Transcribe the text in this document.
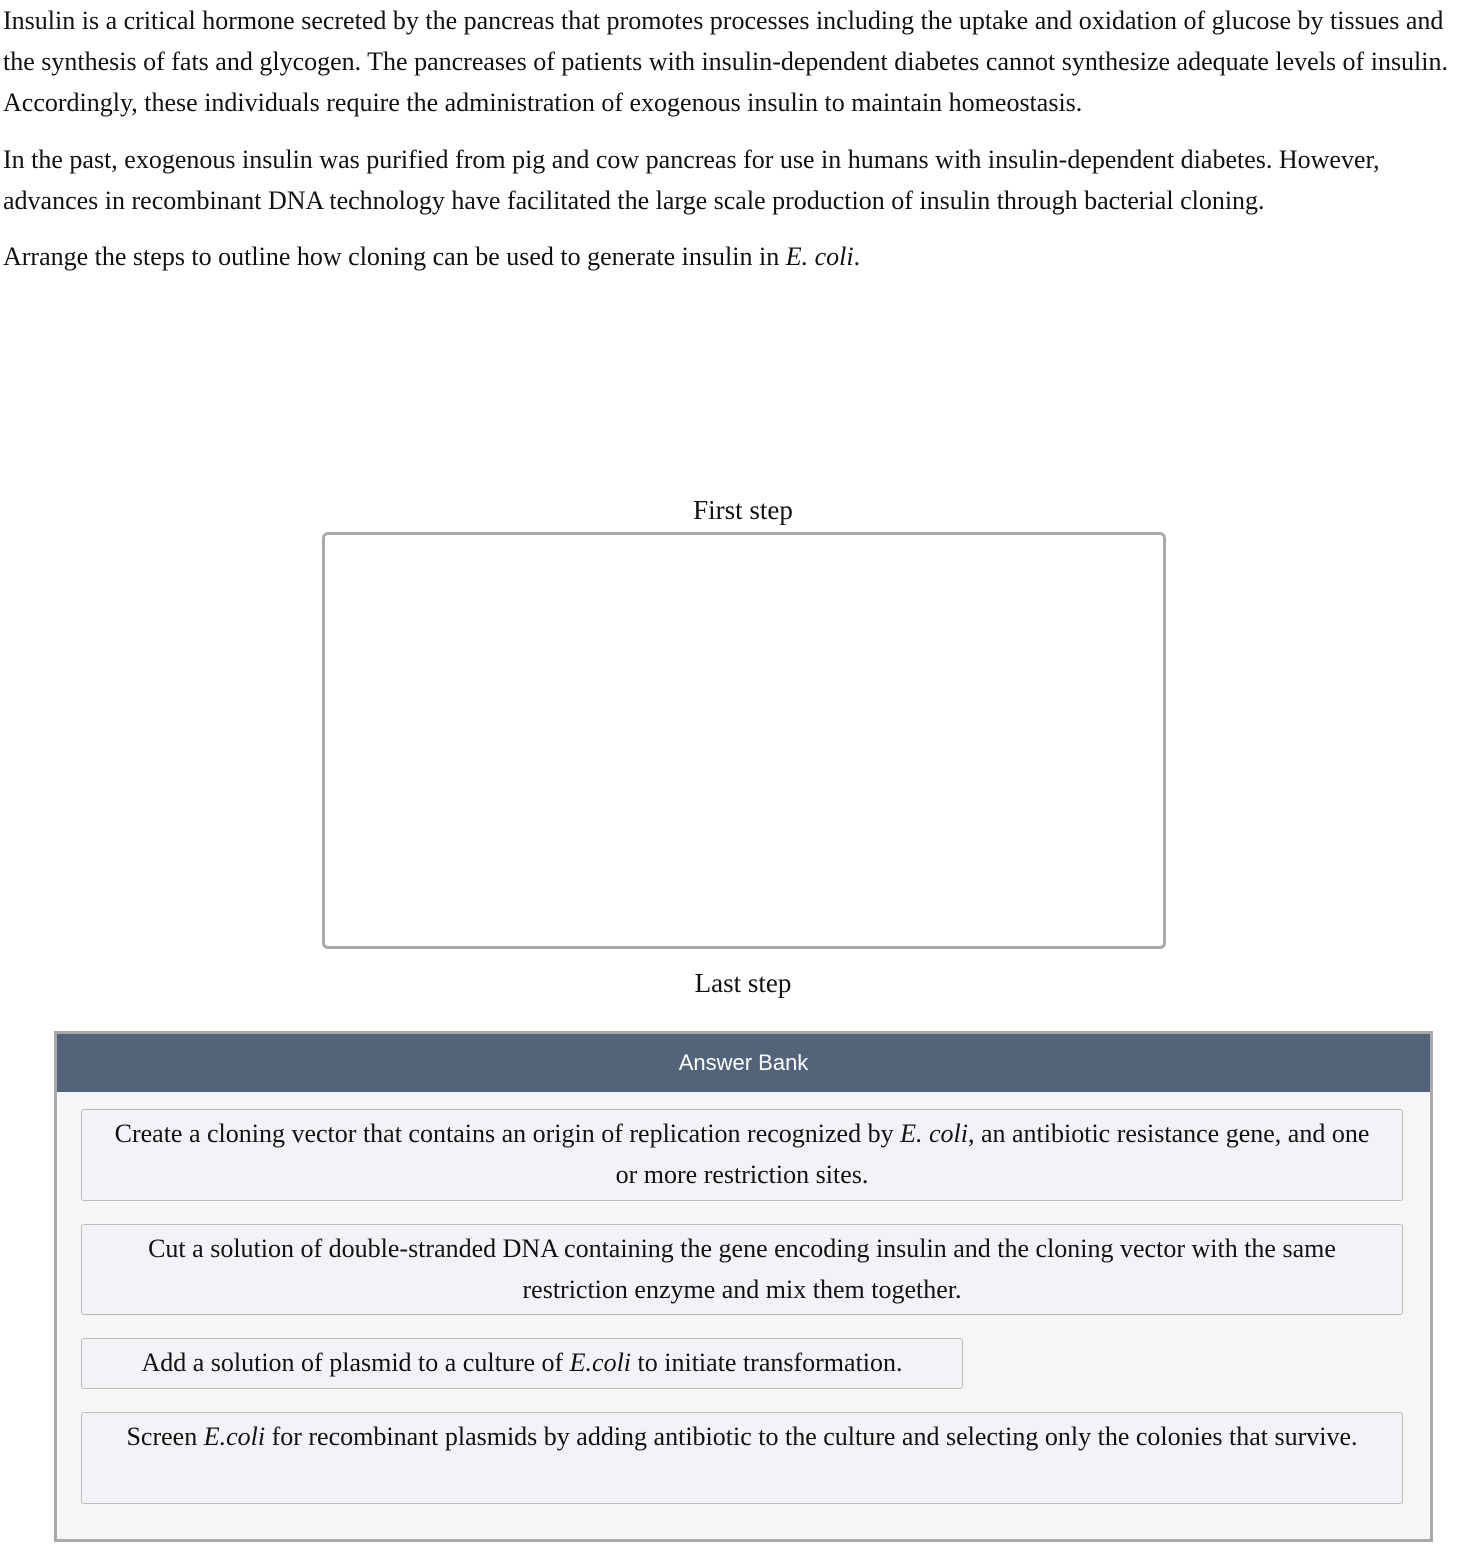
Insulin is a critical hormone secreted by the pancreas that promotes processes including the uptake and oxidation of glucose by tissues and the synthesis of fats and glycogen. The pancreases of patients with insulin-dependent diabetes cannot synthesize adequate levels of insulin. Accordingly, these individuals require the administration of exogenous insulin to maintain homeostasis.

In the past, exogenous insulin was purified from pig and cow pancreas for use in humans with insulin-dependent diabetes. However, advances in recombinant DNA technology have facilitated the large scale production of insulin through bacterial cloning.

Arrange the steps to outline how cloning can be used to generate insulin in E. coli.

First step
Last step
Answer Bank
Create a cloning vector that contains an origin of replication recognized by E. coli, an antibiotic resistance gene, and one or more restriction sites.
Cut a solution of double-stranded DNA containing the gene encoding insulin and the cloning vector with the same restriction enzyme and mix them together.
Add a solution of plasmid to a culture of E.coli to initiate transformation.
Screen E.coli for recombinant plasmids by adding antibiotic to the culture and selecting only the colonies that survive.
